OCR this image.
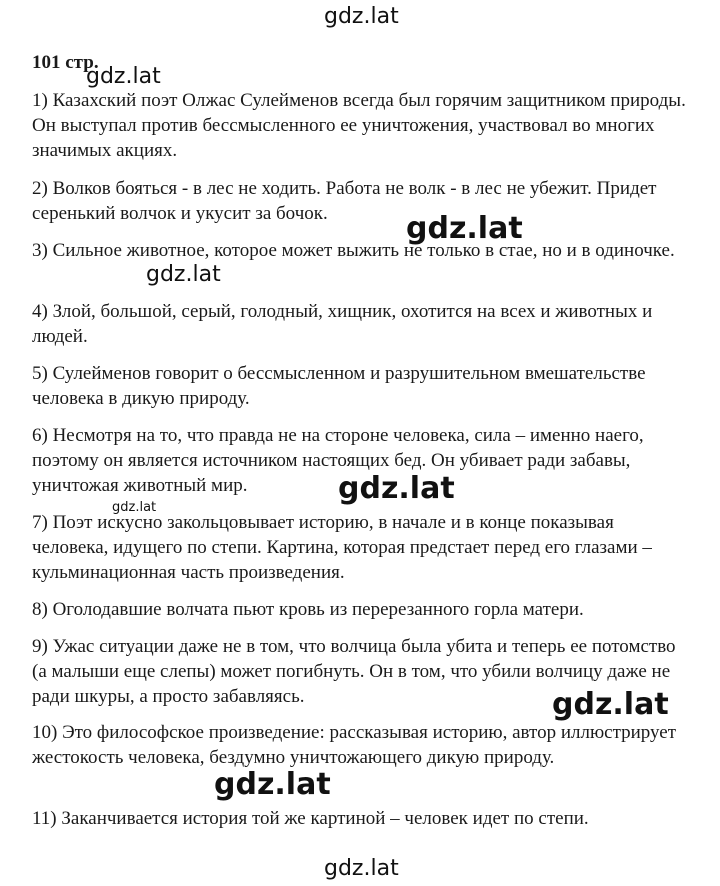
gdz.lat
101 стр.

1) Казахский поэт Олжас Сулейменов всегда был горячим защитником природы. Он выступал против бессмысленного ее уничтожения, участвовал во многих значимых акциях.

2) Волков бояться - в лес не ходить. Работа не волк - в лес не убежит. Придет серенький волчок и укусит за бочок.

3) Сильное животное, которое может выжить не только в стае, но и в одиночке.

4) Злой, большой, серый, голодный, хищник, охотится на всех и животных и людей.

5) Сулейменов говорит о бессмысленном и разрушительном вмешательстве человека в дикую природу.

6) Несмотря на то, что правда не на стороне человека, сила – именно наего, поэтому он является источником настоящих бед. Он убивает ради забавы, уничтожая животный мир.

7) Поэт искусно закольцовывает историю, в начале и в конце показывая человека, идущего по степи. Картина, которая предстает перед его глазами – кульминационная часть произведения.

8) Оголодавшие волчата пьют кровь из перерезанного горла матери.

9) Ужас ситуации даже не в том, что волчица была убита и теперь ее потомство (а малыши еще слепы) может погибнуть. Он в том, что убили волчицу даже не ради шкуры, а просто забавляясь.

10) Это философское произведение: рассказывая историю, автор иллюстрирует жестокость человека, бездумно уничтожающего дикую природу.

11) Заканчивается история той же картиной – человек идет по степи.

gdz.lat
gdz.lat
gdz.lat
gdz.lat
gdz.lat
gdz.lat
gdz.lat
gdz.lat
